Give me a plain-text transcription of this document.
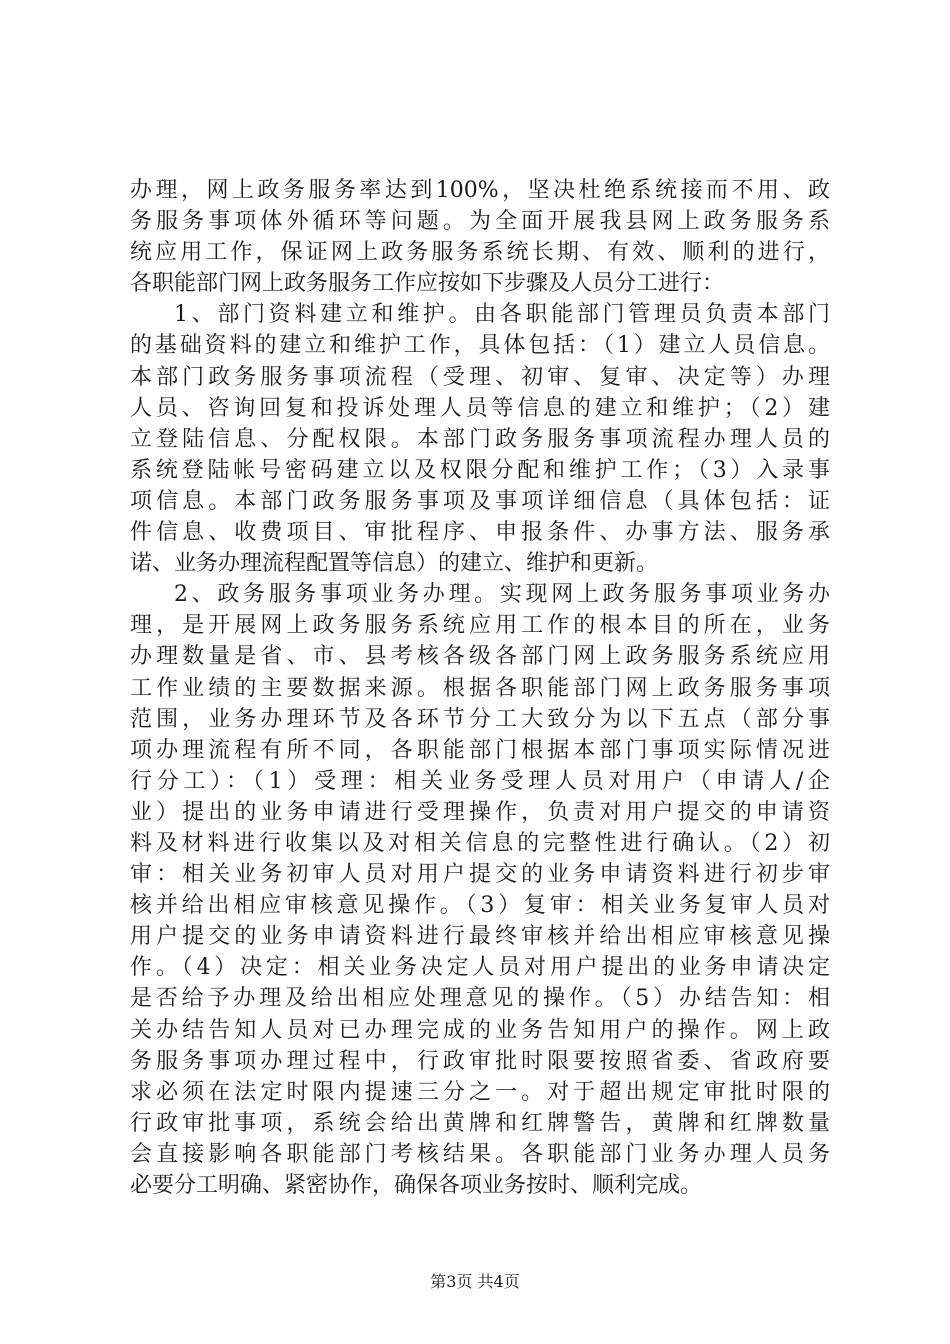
办理，网上政务服务率达到100%，坚决杜绝系统接而不用、政
务服务事项体外循环等问题。为全面开展我县网上政务服务系
统应用工作，保证网上政务服务系统长期、有效、顺利的进行，
各职能部门网上政务服务工作应按如下步骤及人员分工进行：
1、部门资料建立和维护。由各职能部门管理员负责本部门
的基础资料的建立和维护工作，具体包括：（1）建立人员信息。
本部门政务服务事项流程（受理、初审、复审、决定等）办理
人员、咨询回复和投诉处理人员等信息的建立和维护；（2）建
立登陆信息、分配权限。本部门政务服务事项流程办理人员的
系统登陆帐号密码建立以及权限分配和维护工作；（3）入录事
项信息。本部门政务服务事项及事项详细信息（具体包括：证
件信息、收费项目、审批程序、申报条件、办事方法、服务承
诺、业务办理流程配置等信息）的建立、维护和更新。
2、政务服务事项业务办理。实现网上政务服务事项业务办
理，是开展网上政务服务系统应用工作的根本目的所在，业务
办理数量是省、市、县考核各级各部门网上政务服务系统应用
工作业绩的主要数据来源。根据各职能部门网上政务服务事项
范围，业务办理环节及各环节分工大致分为以下五点（部分事
项办理流程有所不同，各职能部门根据本部门事项实际情况进
行分工）：（1）受理：相关业务受理人员对用户（申请人/企
业）提出的业务申请进行受理操作，负责对用户提交的申请资
料及材料进行收集以及对相关信息的完整性进行确认。（2）初
审：相关业务初审人员对用户提交的业务申请资料进行初步审
核并给出相应审核意见操作。（3）复审：相关业务复审人员对
用户提交的业务申请资料进行最终审核并给出相应审核意见操
作。（4）决定：相关业务决定人员对用户提出的业务申请决定
是否给予办理及给出相应处理意见的操作。（5）办结告知：相
关办结告知人员对已办理完成的业务告知用户的操作。网上政
务服务事项办理过程中，行政审批时限要按照省委、省政府要
求必须在法定时限内提速三分之一。对于超出规定审批时限的
行政审批事项，系统会给出黄牌和红牌警告，黄牌和红牌数量
会直接影响各职能部门考核结果。各职能部门业务办理人员务
必要分工明确、紧密协作，确保各项业务按时、顺利完成。
第3页 共4页
